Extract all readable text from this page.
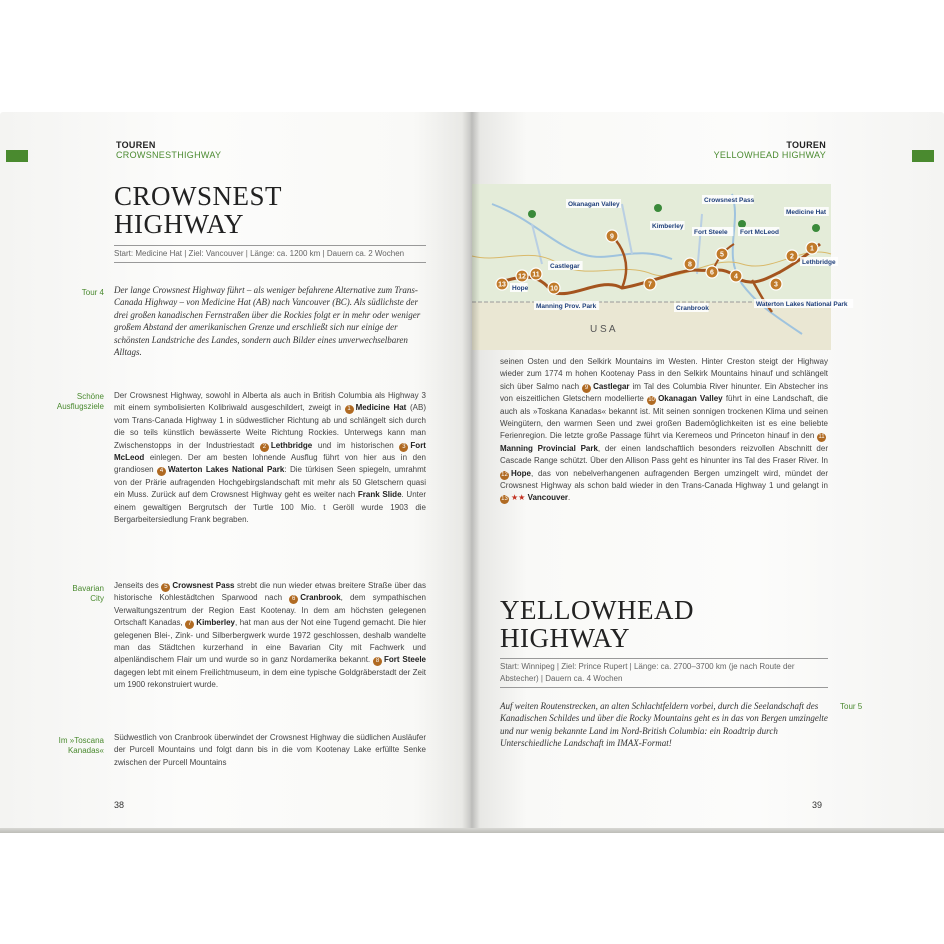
TOUREN
CROWSNESTHIGHWAY
CROWSNEST
HIGHWAY
Start: Medicine Hat | Ziel: Vancouver | Länge: ca. 1200 km | Dauern ca. 2 Wochen
Tour 4 Der lange Crowsnest Highway führt – als weniger befahrene Alternative zum Trans-Canada Highway – von Medicine Hat (AB) nach Vancouver (BC). Als südlichste der drei großen kanadischen Fernstraßen über die Rockies folgt er in mehr oder weniger großem Abstand der amerikanischen Grenze und erschließt sich nur einige der schönsten Landstriche des Landes, sondern auch Bilder eines unverwechselbaren Alltags.
Schöne
Ausflugsziele
Der Crowsnest Highway, sowohl in Alberta als auch in British Columbia als Highway 3 mit einem symbolisierten Kolibriwald ausgeschildert, zweigt in 1 Medicine Hat (AB) vom Trans-Canada Highway 1 in südwestlicher Richtung ab und schlängelt sich durch die so teils künstlich bewässerte Weite Richtung Rockies. Unterwegs kann man Zwischenstopps in der Industriestadt 2 Lethbridge und im historischen 3 Fort McLeod einlegen. Der am besten lohnende Ausflug führt von hier aus in den grandiosen 4 Waterton Lakes National Park: Die türkisen Seen spiegeln, umrahmt von der Prärie aufragenden Hochgebirgslandschaft mit mehr als 50 Gletschern quasi ein Muss. Zurück auf dem Crowsnest Highway geht es weiter nach Frank Slide. Unter einem gewaltigen Bergrutsch der Turtle 100 Mio. t Geröll wurde 1903 die Bergarbeitersiedlung Frank begraben.
Bavarian
City
Jenseits des 5 Crowsnest Pass strebt die nun wieder etwas breitere Straße über das historische Kohlestädtchen Sparwood nach 6 Cranbrook, dem sympathischen Verwaltungszentrum der Region East Kootenay. In dem am höchsten gelegenen Ortschaft Kanadas, 7 Kimberley, hat man aus der Not eine Tugend gemacht. Die hier gelegenen Blei-, Zink- und Silberbergwerk wurde 1972 geschlossen, deshalb wandelte man das Städtchen kurzerhand in eine Bavarian City mit Fachwerk und alpenländischem Flair um und wurde so in ganz Nordamerika bekannt. 8 Fort Steele dagegen lebt mit einem Freilichtmuseum, in dem eine typische Goldgräberstadt der Zeit um 1900 rekonstruiert wurde.
Im »Toscana
Kanadas«
Südwestlich von Cranbrook überwindet der Crowsnest Highway die südlichen Ausläufer der Purcell Mountains und folgt dann bis in die vom Kootenay Lake erfüllte Senke zwischen der Purcell Mountains
38
TOUREN
YELLOWHEAD HIGHWAY
Okanagan Valley
Crowsnest Pass
Medicine Hat
Kimberley
Fort Steele Fort McLeod
Castlegar
Manning Prov. Park	Cranbrook
Waterton Lakes National Park
Lethbridge
Hope
U S A
13
12 11
10
9
7
8
6
5
4
3
2
1
seinen Osten und den Selkirk Mountains im Westen. Hinter Creston steigt der Highway wieder zum 1774 m hohen Kootenay Pass in den Selkirk Mountains hinauf und schlängelt sich über Salmo nach 9 Castlegar im Tal des Columbia River hinunter. Ein Abstecher ins von eiszeitlichen Gletschern modellierte 10 Okanagan Valley führt in eine Landschaft, die auch als »Toskana Kanadas« bekannt ist. Mit seinen sonnigen trockenen Klima und seinen Weingütern, den warmen Seen und zwei großen Bademöglichkeiten ist es eine beliebte Ferienregion. Die letzte große Passage führt via Keremeos und Princeton hinauf in den 11Manning Provincial Park, der einen landschaftlich besonders reizvollen Abschnitt der Cascade Range schützt. Über den Allison Pass geht es hinunter ins Tal des Fraser River. In 12 Hope, das von nebelverhangenen aufragenden Bergen umzingelt wird, mündet der Crowsnest Highway als schon bald wieder in den Trans-Canada Highway 1 und gelangt in 13 ★★ Vancouver.
YELLOWHEAD
HIGHWAY
Start: Winnipeg | Ziel: Prince Rupert | Länge: ca. 2700–3700 km (je nach Route der Abstecher) | Dauern ca. 4 Wochen
Auf weiten Routenstrecken, an alten Schlachtfeldern vorbei, durch die Seelandschaft des Kanadischen Schildes und über die Rocky Mountains geht es in das von Bergen umzingelte und nur wenig bekannte Land im Nord-British Columbia: ein Roadtrip durch Unterschiedliche Landschaft im IMAX-Format!
Tour 5
39
